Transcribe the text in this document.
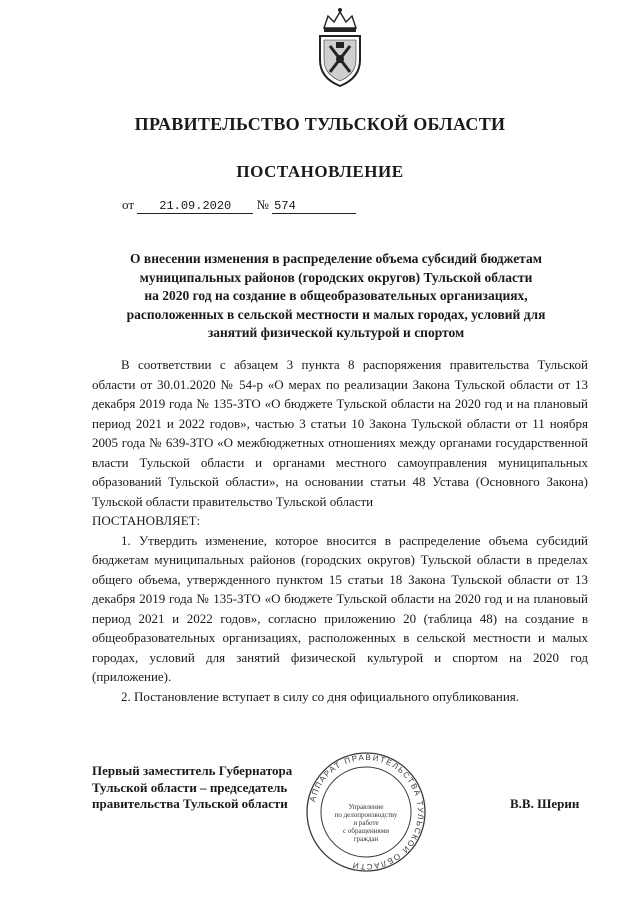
ПРАВИТЕЛЬСТВО ТУЛЬСКОЙ ОБЛАСТИ
ПОСТАНОВЛЕНИЕ
от 21.09.2020 № 574
О внесении изменения в распределение объема субсидий бюджетам
муниципальных районов (городских округов) Тульской области
на 2020 год на создание в общеобразовательных организациях,
расположенных в сельской местности и малых городах, условий для
занятий физической культурой и спортом

В соответствии с абзацем 3 пункта 8 распоряжения правительства Тульской области от 30.01.2020 № 54-р «О мерах по реализации Закона Тульской области от 13 декабря 2019 года № 135-ЗТО «О бюджете Тульской области на 2020 год и на плановый период 2021 и 2022 годов», частью 3 статьи 10 Закона Тульской области от 11 ноября 2005 года № 639-ЗТО «О межбюджетных отношениях между органами государственной власти Тульской области и органами местного самоуправления муниципальных образований Тульской области», на основании статьи 48 Устава (Основного Закона) Тульской области правительство Тульской области

ПОСТАНОВЛЯЕТ:

1. Утвердить изменение, которое вносится в распределение объема субсидий бюджетам муниципальных районов (городских округов) Тульской области в пределах общего объема, утвержденного пунктом 15 статьи 18 Закона Тульской области от 13 декабря 2019 года № 135-ЗТО «О бюджете Тульской области на 2020 год и на плановый период 2021 и 2022 годов», согласно приложению 20 (таблица 48) на создание в общеобразовательных организациях, расположенных в сельской местности и малых городах, условий для занятий физической культурой и спортом на 2020 год (приложение).

2. Постановление вступает в силу со дня официального опубликования.

Первый заместитель Губернатора
Тульской области – председатель
правительства Тульской области	В.В. Шерин
АППАРАТ ПРАВИТЕЛЬСТВА ТУЛЬСКОЙ ОБЛАСТИ
Управление
по делопроизводству
и работе
с обращениями
граждан
